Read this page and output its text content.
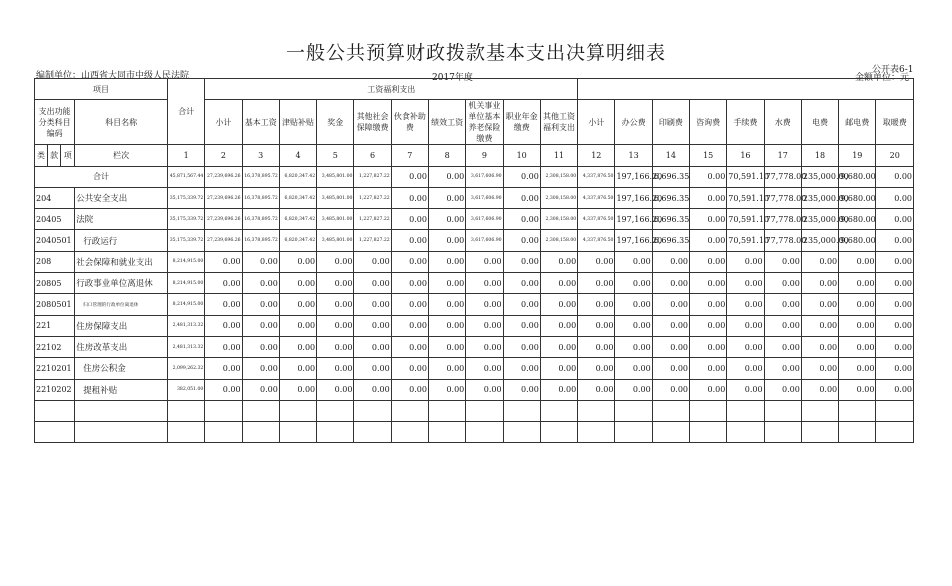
一般公共预算财政拨款基本支出决算明细表
公开表6-1
编制单位：山西省大同市中级人民法院	2017年度	金额单位：元
项目				合计	工资福利支出																		
支出功能分类科目编码			科目名称		小计	基本工资	津贴补贴	奖金	其他社会保障缴费	伙食补助费	绩效工资	机关事业单位基本养老保险缴费	职业年金缴费	其他工资福利支出	小计	办公费	印刷费	咨询费	手续费	水费	电费	邮电费	取暖费
类	款	项	栏次	1	2	3	4	5	6	7	8	9	10	11	12	13	14	15	16	17	18	19	20
合计				45,871,567.44	27,239,696.26	16,378,895.72	6,820,347.42	3,485,801.00	1,227,827.22	0.00	0.00	3,617,606.90	0.00	2,308,158.00	4,337,876.50	197,166.20	6,696.35	0.00	70,591.10	77,778.00	235,000.00	9,680.00	0.00
204			公共安全支出	35,175,339.72	27,239,696.26	16,378,895.72	6,820,347.42	3,485,801.00	1,227,827.22	0.00	0.00	3,617,606.90	0.00	2,308,158.00	4,337,876.50	197,166.20	6,696.35	0.00	70,591.10	77,778.00	235,000.00	9,680.00	0.00
20405			法院	35,175,339.72	27,239,696.26	16,378,895.72	6,820,347.42	3,485,801.00	1,227,827.22	0.00	0.00	3,617,606.90	0.00	2,308,158.00	4,337,876.50	197,166.20	6,696.35	0.00	70,591.10	77,778.00	235,000.00	9,680.00	0.00
2040501			行政运行	35,175,339.72	27,239,696.26	16,378,895.72	6,820,347.42	3,485,801.00	1,227,827.22	0.00	0.00	3,617,606.90	0.00	2,308,158.00	4,337,876.50	197,166.20	6,696.35	0.00	70,591.10	77,778.00	235,000.00	9,680.00	0.00
208			社会保障和就业支出	8,214,915.00	0.00	0.00	0.00	0.00	0.00	0.00	0.00	0.00	0.00	0.00	0.00	0.00	0.00	0.00	0.00	0.00	0.00	0.00	0.00
20805			行政事业单位离退休	8,214,915.00	0.00	0.00	0.00	0.00	0.00	0.00	0.00	0.00	0.00	0.00	0.00	0.00	0.00	0.00	0.00	0.00	0.00	0.00	0.00
2080501			归口管理的行政单位离退休	8,214,915.00	0.00	0.00	0.00	0.00	0.00	0.00	0.00	0.00	0.00	0.00	0.00	0.00	0.00	0.00	0.00	0.00	0.00	0.00	0.00
221			住房保障支出	2,481,313.32	0.00	0.00	0.00	0.00	0.00	0.00	0.00	0.00	0.00	0.00	0.00	0.00	0.00	0.00	0.00	0.00	0.00	0.00	0.00
22102			住房改革支出	2,481,313.32	0.00	0.00	0.00	0.00	0.00	0.00	0.00	0.00	0.00	0.00	0.00	0.00	0.00	0.00	0.00	0.00	0.00	0.00	0.00
2210201			住房公积金	2,099,262.32	0.00	0.00	0.00	0.00	0.00	0.00	0.00	0.00	0.00	0.00	0.00	0.00	0.00	0.00	0.00	0.00	0.00	0.00	0.00
2210202			提租补贴	382,051.00	0.00	0.00	0.00	0.00	0.00	0.00	0.00	0.00	0.00	0.00	0.00	0.00	0.00	0.00	0.00	0.00	0.00	0.00	0.00
